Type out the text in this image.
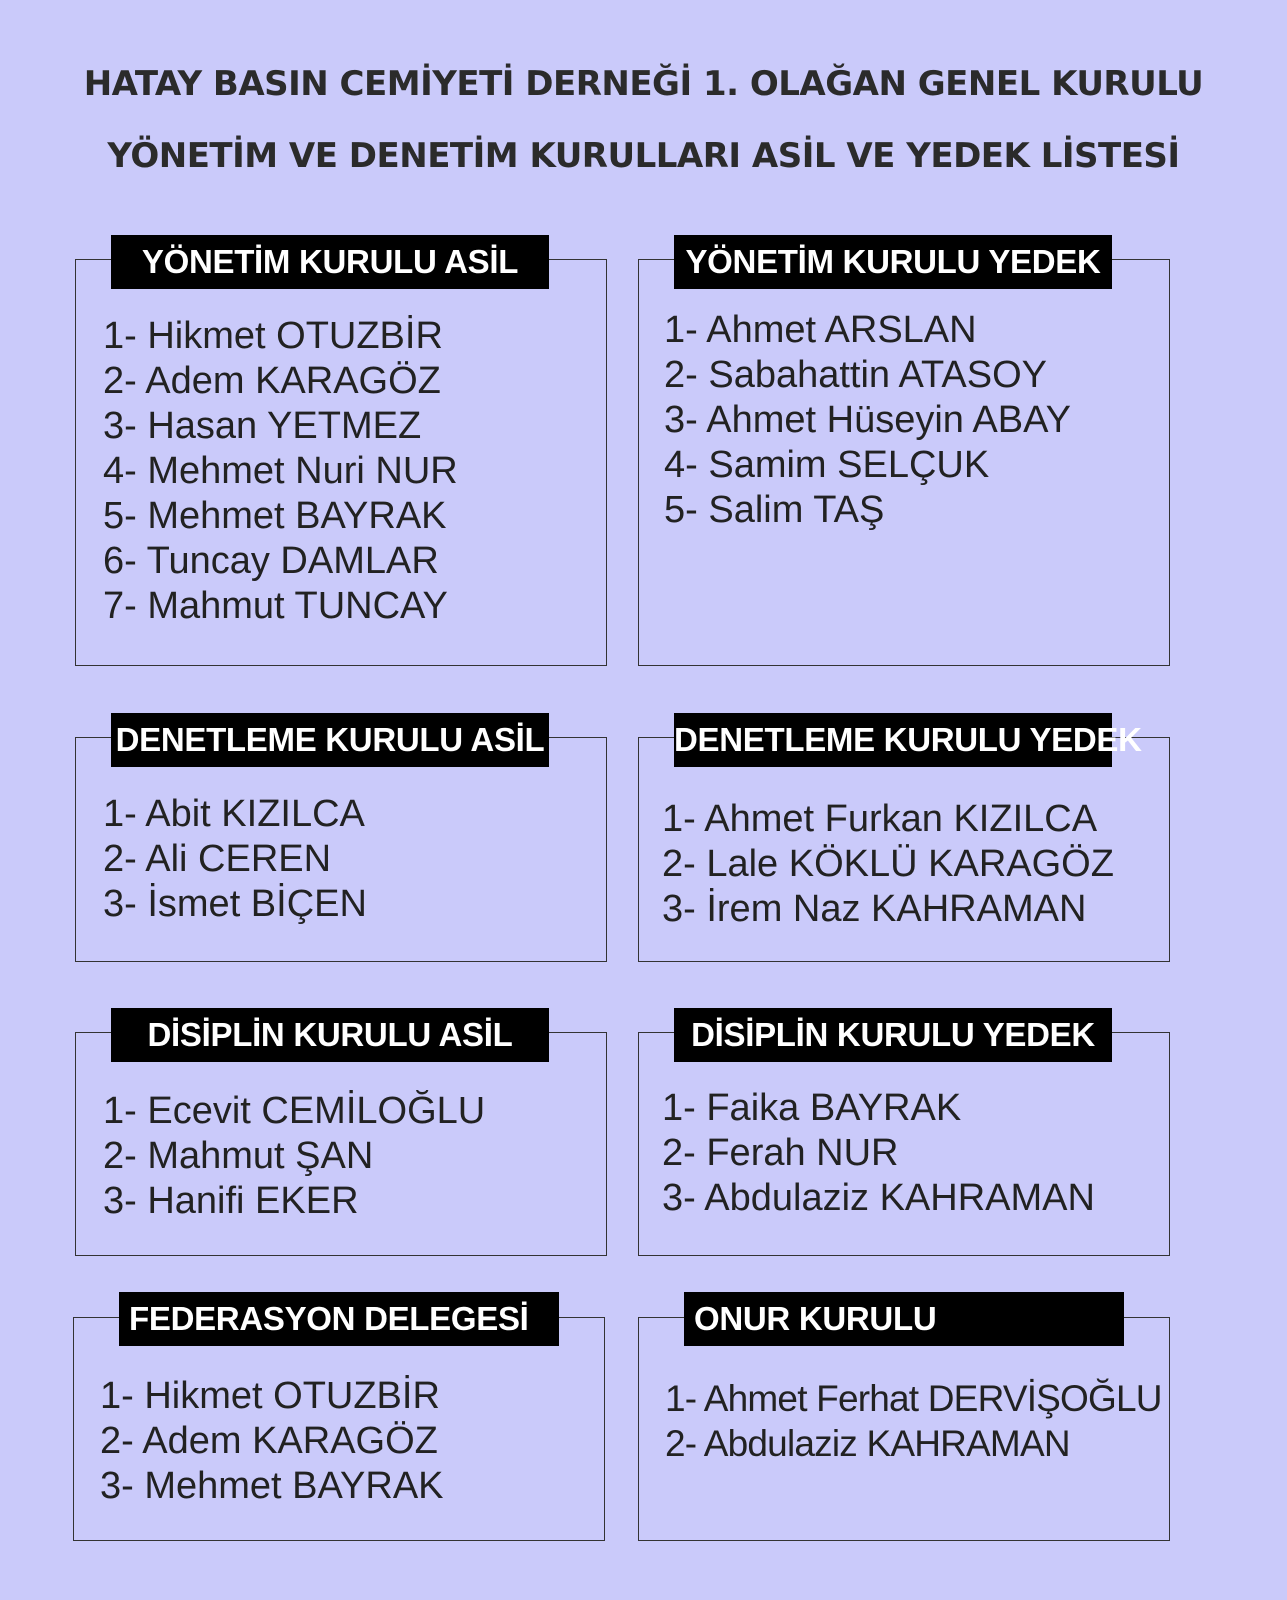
HATAY BASIN CEMİYETİ DERNEĞİ 1. OLAĞAN GENEL KURULU
YÖNETİM VE DENETİM KURULLARI ASİL VE YEDEK LİSTESİ
YÖNETİM KURULU ASİL
1- Hikmet OTUZBİR
2- Adem KARAGÖZ
3- Hasan YETMEZ
4- Mehmet Nuri NUR
5- Mehmet BAYRAK
6- Tuncay DAMLAR
7- Mahmut TUNCAY
YÖNETİM KURULU YEDEK
1- Ahmet ARSLAN
2- Sabahattin ATASOY
3- Ahmet Hüseyin ABAY
4- Samim SELÇUK
5- Salim TAŞ
DENETLEME KURULU ASİL
1- Abit KIZILCA
2- Ali CEREN
3- İsmet BİÇEN
DENETLEME KURULU YEDEK
1- Ahmet Furkan KIZILCA
2- Lale KÖKLÜ KARAGÖZ
3- İrem Naz KAHRAMAN
DİSİPLİN KURULU ASİL
1- Ecevit CEMİLOĞLU
2- Mahmut ŞAN
3- Hanifi EKER
DİSİPLİN KURULU YEDEK
1- Faika BAYRAK
2- Ferah NUR
3- Abdulaziz KAHRAMAN
FEDERASYON DELEGESİ
1- Hikmet OTUZBİR
2- Adem KARAGÖZ
3- Mehmet BAYRAK
ONUR KURULU
1- Ahmet Ferhat DERVİŞOĞLU
2- Abdulaziz KAHRAMAN
